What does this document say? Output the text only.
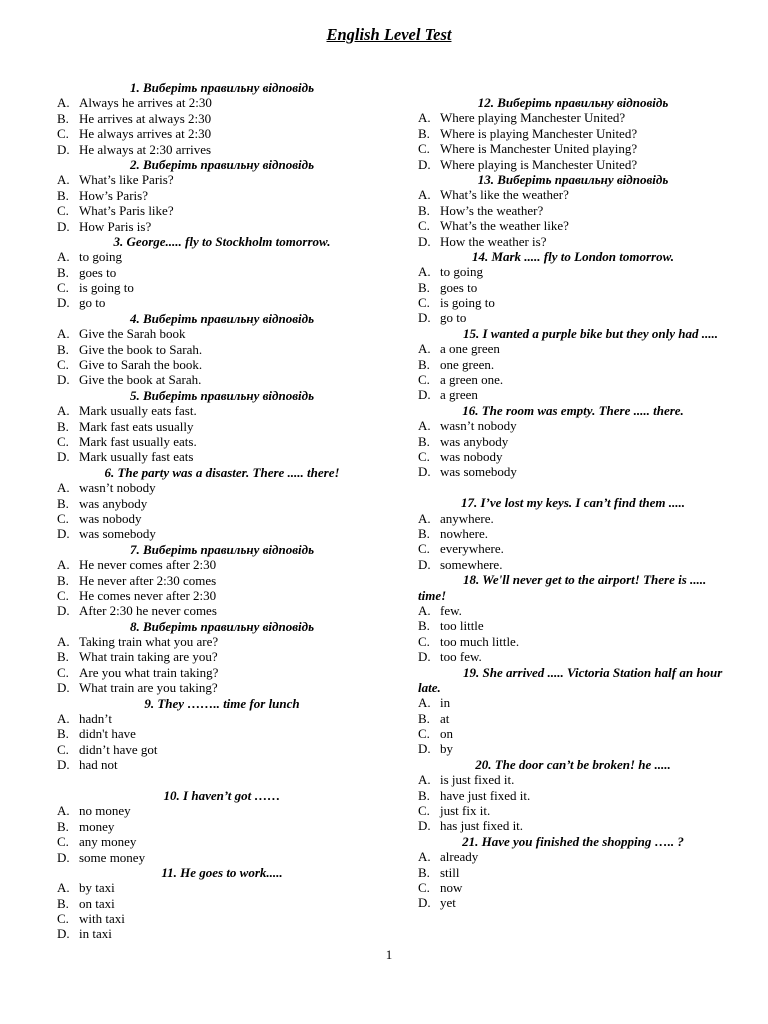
English Level Test
1. Виберіть правильну відповідь
A. Always he arrives at 2:30
B. He arrives at always 2:30
C. He always arrives at 2:30
D. He always at 2:30 arrives
2. Виберіть правильну відповідь
A. What’s like Paris?
B. How’s Paris?
C. What’s Paris like?
D. How Paris is?
3. George..... fly to Stockholm tomorrow.
A. to going
B. goes to
C. is going to
D. go to
4. Виберіть правильну відповідь
A. Give the Sarah book
B. Give the book to Sarah.
C. Give to Sarah the book.
D. Give the book at Sarah.
5. Виберіть правильну відповідь
A. Mark usually eats fast.
B. Mark fast eats usually
C. Mark fast usually eats.
D. Mark usually fast eats
6. The party was a disaster. There ..... there!
A. wasn’t nobody
B. was anybody
C. was nobody
D. was somebody
7. Виберіть правильну відповідь
A. He never comes after 2:30
B. He never after 2:30 comes
C. He comes never after 2:30
D. After 2:30 he never comes
8. Виберіть правильну відповідь
A. Taking train what you are?
B. What train taking are you?
C. Are you what train taking?
D. What train are you taking?
9. They …….. time for lunch
A. hadn’t
B. didn't have
C. didn’t have got
D. had not
10. I haven’t got ……
A. no money
B. money
C. any money
D. some money
11. He goes to work.....
A. by taxi
B. on taxi
C. with taxi
D. in taxi
12. Виберіть правильну відповідь
A. Where playing Manchester United?
B. Where is playing Manchester United?
C. Where is Manchester United playing?
D. Where playing is Manchester United?
13. Виберіть правильну відповідь
A. What’s like the weather?
B. How’s the weather?
C. What’s the weather like?
D. How the weather is?
14. Mark ..... fly to London tomorrow.
A. to going
B. goes to
C. is going to
D. go to
15. I wanted a purple bike but they only had .....
A. a one green
B. one green.
C. a green one.
D. a green
16. The room was empty. There ..... there.
A. wasn’t nobody
B. was anybody
C. was nobody
D. was somebody
17. I’ve lost my keys. I can’t find them .....
A. anywhere.
B. nowhere.
C. everywhere.
D. somewhere.
18. We'll never get to the airport! There is ..... time!
A. few.
B. too little
C. too much little.
D. too few.
19. She arrived ..... Victoria Station half an hour late.
A. in
B. at
C. on
D. by
20. The door can’t be broken! he .....
A. is just fixed it.
B. have just fixed it.
C. just fix it.
D. has just fixed it.
21. Have you finished the shopping ….. ?
A. already
B. still
C. now
D. yet
1
